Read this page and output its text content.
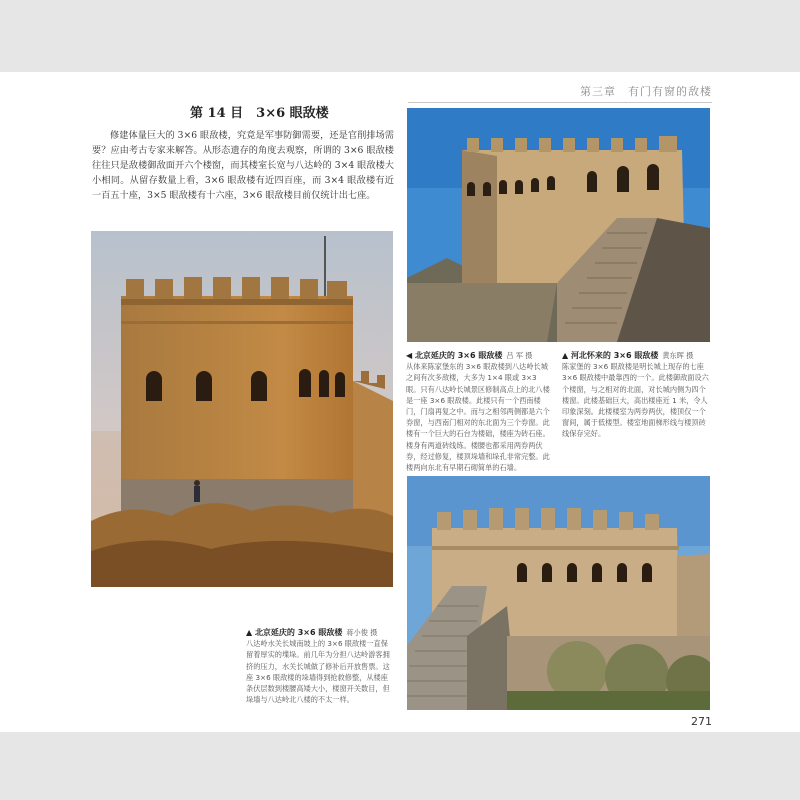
第三章　有门有窗的敌楼
第 14 目　3×6 眼敌楼
修建体量巨大的 3×6 眼敌楼，究竟是军事防御需要，还是官削排场需要？应由考古专家来解答。从形态遗存的角度去观察，所谓的 3×6 眼敌楼往往只是敌楼御敌面开六个楼窗，而其楼室长宽与八达岭的 3×4 眼敌楼大小相同。从留存数量上看，3×6 眼敌楼有近四百座，而 3×4 眼敌楼有近一百五十座，3×5 眼敌楼有十六座，3×6 眼敌楼目前仅统计出七座。
▲ 北京延庆的 3×6 眼敌楼 蒋小俊 摄
八达岭水关长城南坡上的 3×6 眼敌楼一直保留着厚实的堞垛。前几年为分担八达岭游客拥挤的压力，水关长城做了修补后开放售票。这座 3×6 眼敌楼的垛墙得到抢救修整，从楼座条伏层数到楼腰高矮大小，楼窗开关数目，但垛墙与八达岭北八楼的不太一样。
◀ 北京延庆的 3×6 眼敌楼 吕 军 摄
从体来陈家堡东的 3×6 眼敌楼到八达岭长城之间有次多敌楼，大多为 1×4 眼或 3×3 眼。只有八达岭长城景区修制高点上的北八楼是一座 3×6 眼敌楼。此楼只有一个西南楼门，门扇再复之中。而与之相邻两侧都是六个券窗，与西南门相对的东北面为三个券窗。此楼有一个巨大的石台为楼础，楼座为砖石座。楼身有两道砖线练。楼腰也都采用两券两伏券，经过修复，楼顶垛墙和垛孔非常完整。此楼两向东北有早期石砌简单的石墙。
▲ 河北怀来的 3×6 眼敌楼 黄东晖 摄
陈家堡的 3×6 眼敌楼是明长城上现存的七座 3×6 眼敌楼中最靠西的一个。此楼御敌面设六个楼窗，与之相对的北面，对长城内侧为四个楼窗。此楼基础巨大，高出楼座近 1 米，令人印象深刻。此楼楼室为两券两伏，楼顶仅一个窗间，属于低楼型。楼室地面梯形线与楼顶砖线保存完好。
271
